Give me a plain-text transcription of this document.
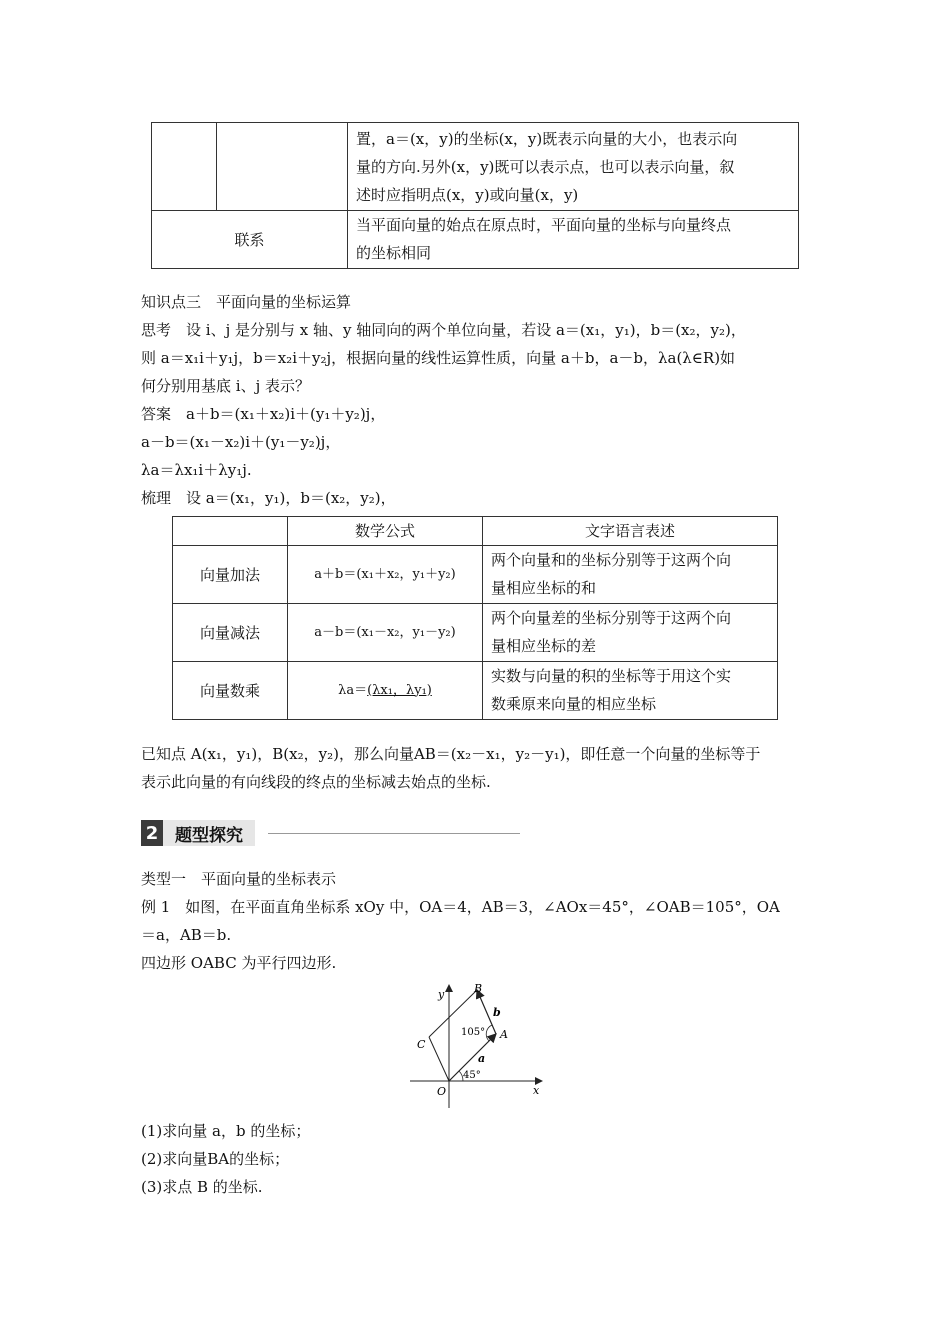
		置，a＝(x，y)的坐标(x，y)既表示向量的大小，也表示向
量的方向.另外(x，y)既可以表示点，也可以表示向量，叙
述时应指明点(x，y)或向量(x，y)

联系		当平面向量的始点在原点时，平面向量的坐标与向量终点
的坐标相同
知识点三　平面向量的坐标运算
思考　设 i、j 是分别与 x 轴、y 轴同向的两个单位向量，若设 a＝(x₁，y₁)，b＝(x₂，y₂)，
则 a＝x₁i＋y₁j，b＝x₂i＋y₂j，根据向量的线性运算性质，向量 a＋b，a－b，λa(λ∈R)如
何分别用基底 i、j 表示？
答案　a＋b＝(x₁＋x₂)i＋(y₁＋y₂)j，
a－b＝(x₁－x₂)i＋(y₁－y₂)j，
λa＝λx₁i＋λy₁j.
梳理　设 a＝(x₁，y₁)，b＝(x₂，y₂)，
	数学公式	文字语言表述
向量加法	a＋b＝(x₁＋x₂，y₁＋y₂)	两个向量和的坐标分别等于这两个向
量相应坐标的和

向量减法	a－b＝(x₁－x₂，y₁－y₂)	两个向量差的坐标分别等于这两个向
量相应坐标的差

向量数乘	λa＝(λx₁，λy₁)	实数与向量的积的坐标等于用这个实
数乘原来向量的相应坐标
已知点 A(x₁，y₁)，B(x₂，y₂)，那么向量AB＝(x₂－x₁，y₂－y₁)，即任意一个向量的坐标等于
表示此向量的有向线段的终点的坐标减去始点的坐标.
2 题型探究
类型一　平面向量的坐标表示
例 1　如图，在平面直角坐标系 xOy 中，OA＝4，AB＝3，∠AOx＝45°，∠OAB＝105°，OA
＝a，AB＝b.
四边形 OABC 为平行四边形.
y
x
O
A
B
C
a
b
105°
45°
(1)求向量 a，b 的坐标；
(2)求向量BA的坐标；
(3)求点 B 的坐标.
